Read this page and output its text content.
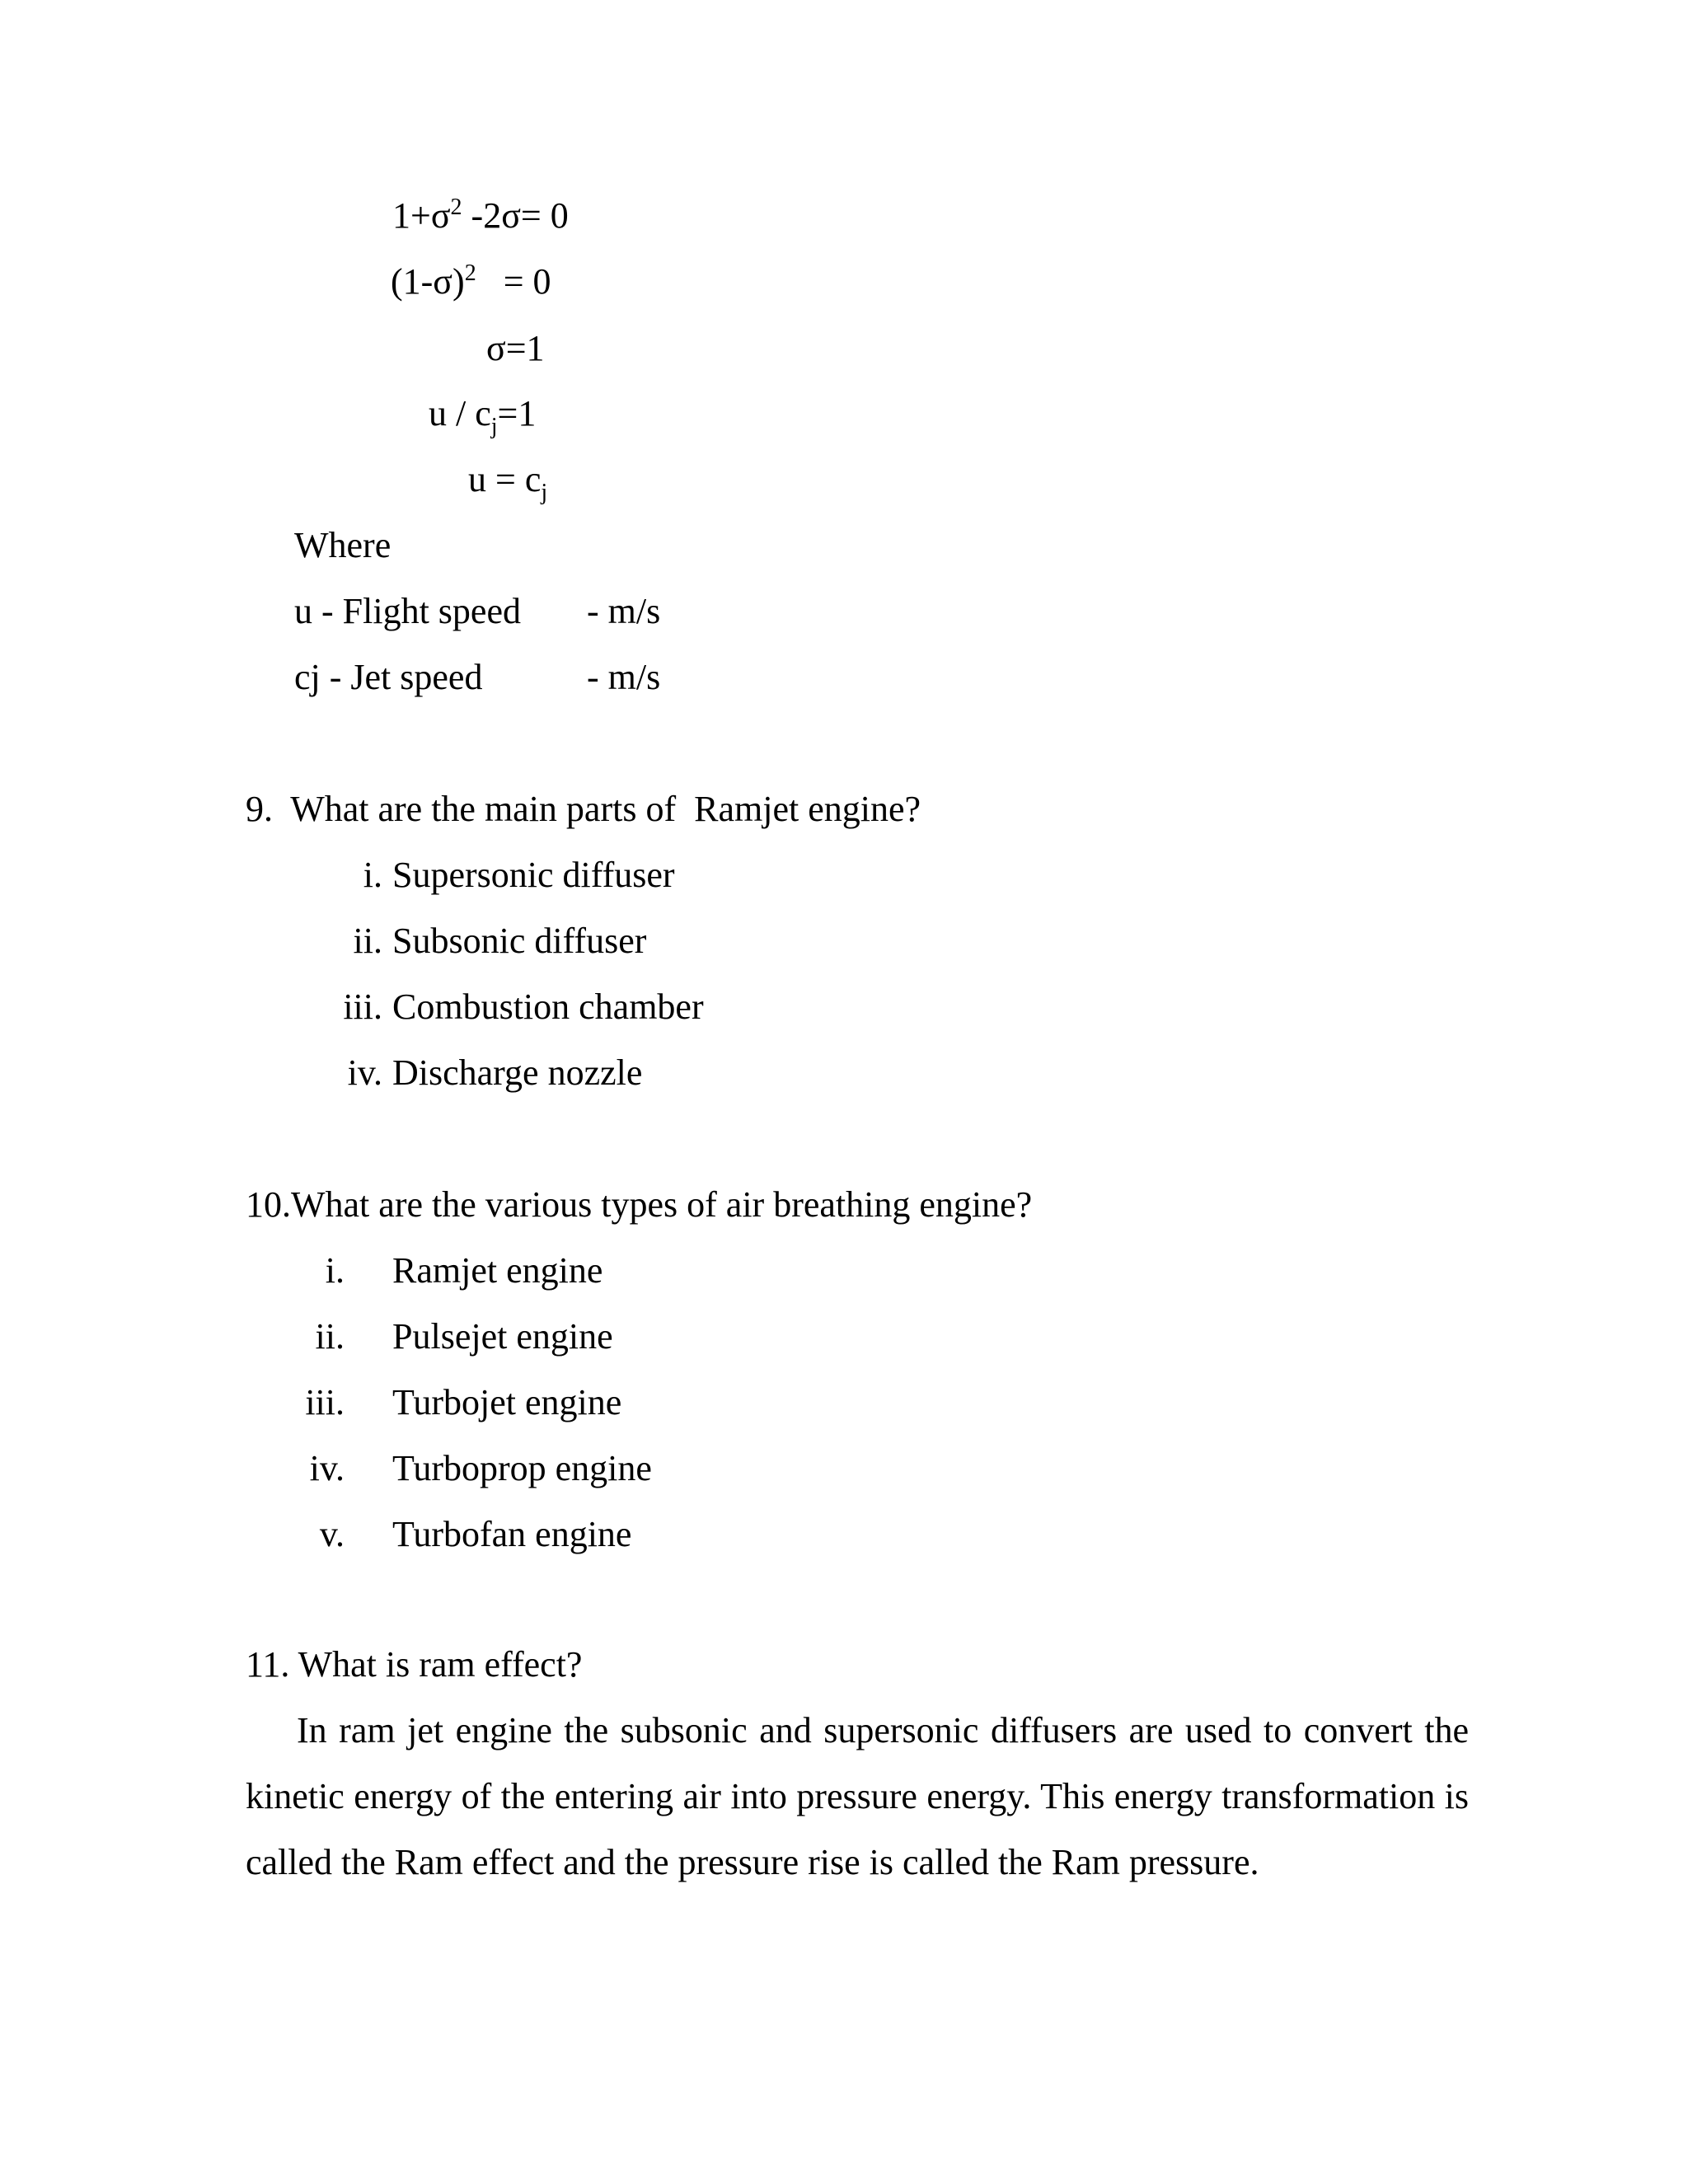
$1+\sigma^2$ -2σ= 0
$(1-\sigma)^2 = 0$
σ=1
$u / c_j=1$
$u = c_j$
Where
u - Flight speed - m/s
cj - Jet speed	- m/s
9.  What are the main parts of  Ramjet engine?
i. Supersonic diffuser
ii. Subsonic diffuser
iii. Combustion chamber
iv. Discharge nozzle
10.What are the various types of air breathing engine?
i. Ramjet engine
ii. Pulsejet engine
iii. Turbojet engine
iv. Turboprop engine
v. Turbofan engine
11. What is ram effect?
In ram jet engine the subsonic and supersonic diffusers are used to convert the kinetic energy of the entering air into pressure energy. This energy transformation is called the Ram effect and the pressure rise is called the Ram pressure.
